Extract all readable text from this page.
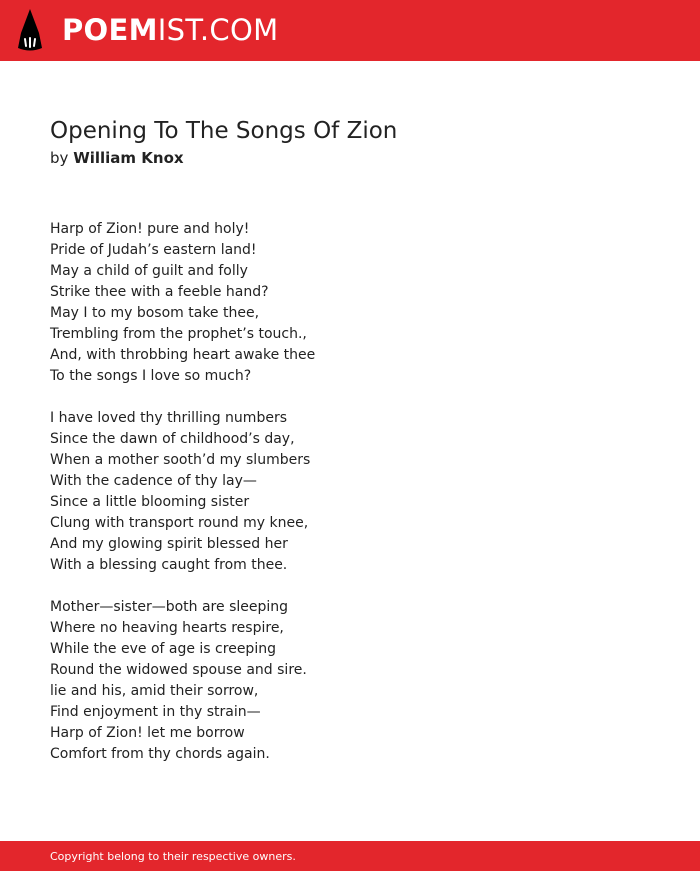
POEMIST.COM
Opening To The Songs Of Zion
by William Knox
Harp of Zion! pure and holy!
Pride of Judah’s eastern land!
May a child of guilt and folly
Strike thee with a feeble hand?
May I to my bosom take thee,
Trembling from the prophet’s touch.,
And, with throbbing heart awake thee
To the songs I love so much?
I have loved thy thrilling numbers
Since the dawn of childhood’s day,
When a mother sooth’d my slumbers
With the cadence of thy lay—
Since a little blooming sister
Clung with transport round my knee,
And my glowing spirit blessed her
With a blessing caught from thee.
Mother—sister—both are sleeping
Where no heaving hearts respire,
While the eve of age is creeping
Round the widowed spouse and sire.
lie and his, amid their sorrow,
Find enjoyment in thy strain—
Harp of Zion! let me borrow
Comfort from thy chords again.
Copyright belong to their respective owners.
